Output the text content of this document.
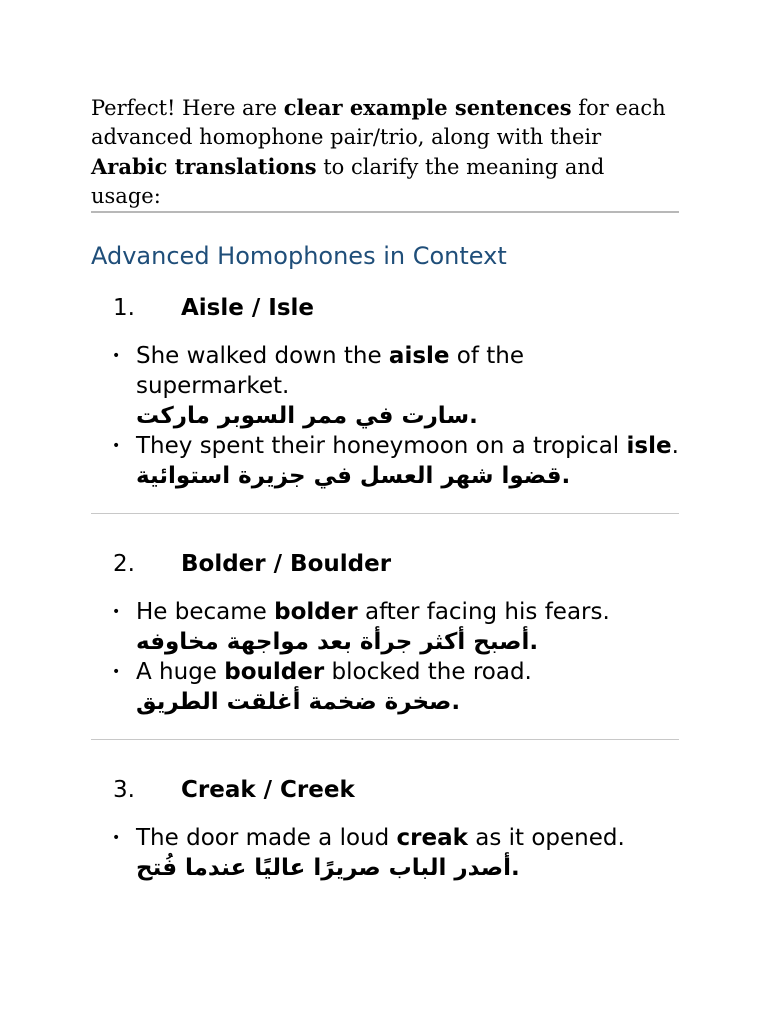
Perfect! Here are clear example sentences for each advanced homophone pair/trio, along with their Arabic translations to clarify the meaning and usage:

Advanced Homophones in Context
1.	Aisle / Isle
• She walked down the aisle of the supermarket.
سارت في ممر السوبر ماركت.
• They spent their honeymoon on a tropical isle.
قضوا شهر العسل في جزيرة استوائية.
2.	Bolder / Boulder
• He became bolder after facing his fears.
أصبح أكثر جرأة بعد مواجهة مخاوفه.
• A huge boulder blocked the road.
صخرة ضخمة أغلقت الطريق.
3.	Creak / Creek
• The door made a loud creak as it opened.
أصدر الباب صريرًا عاليًا عندما فُتح.
